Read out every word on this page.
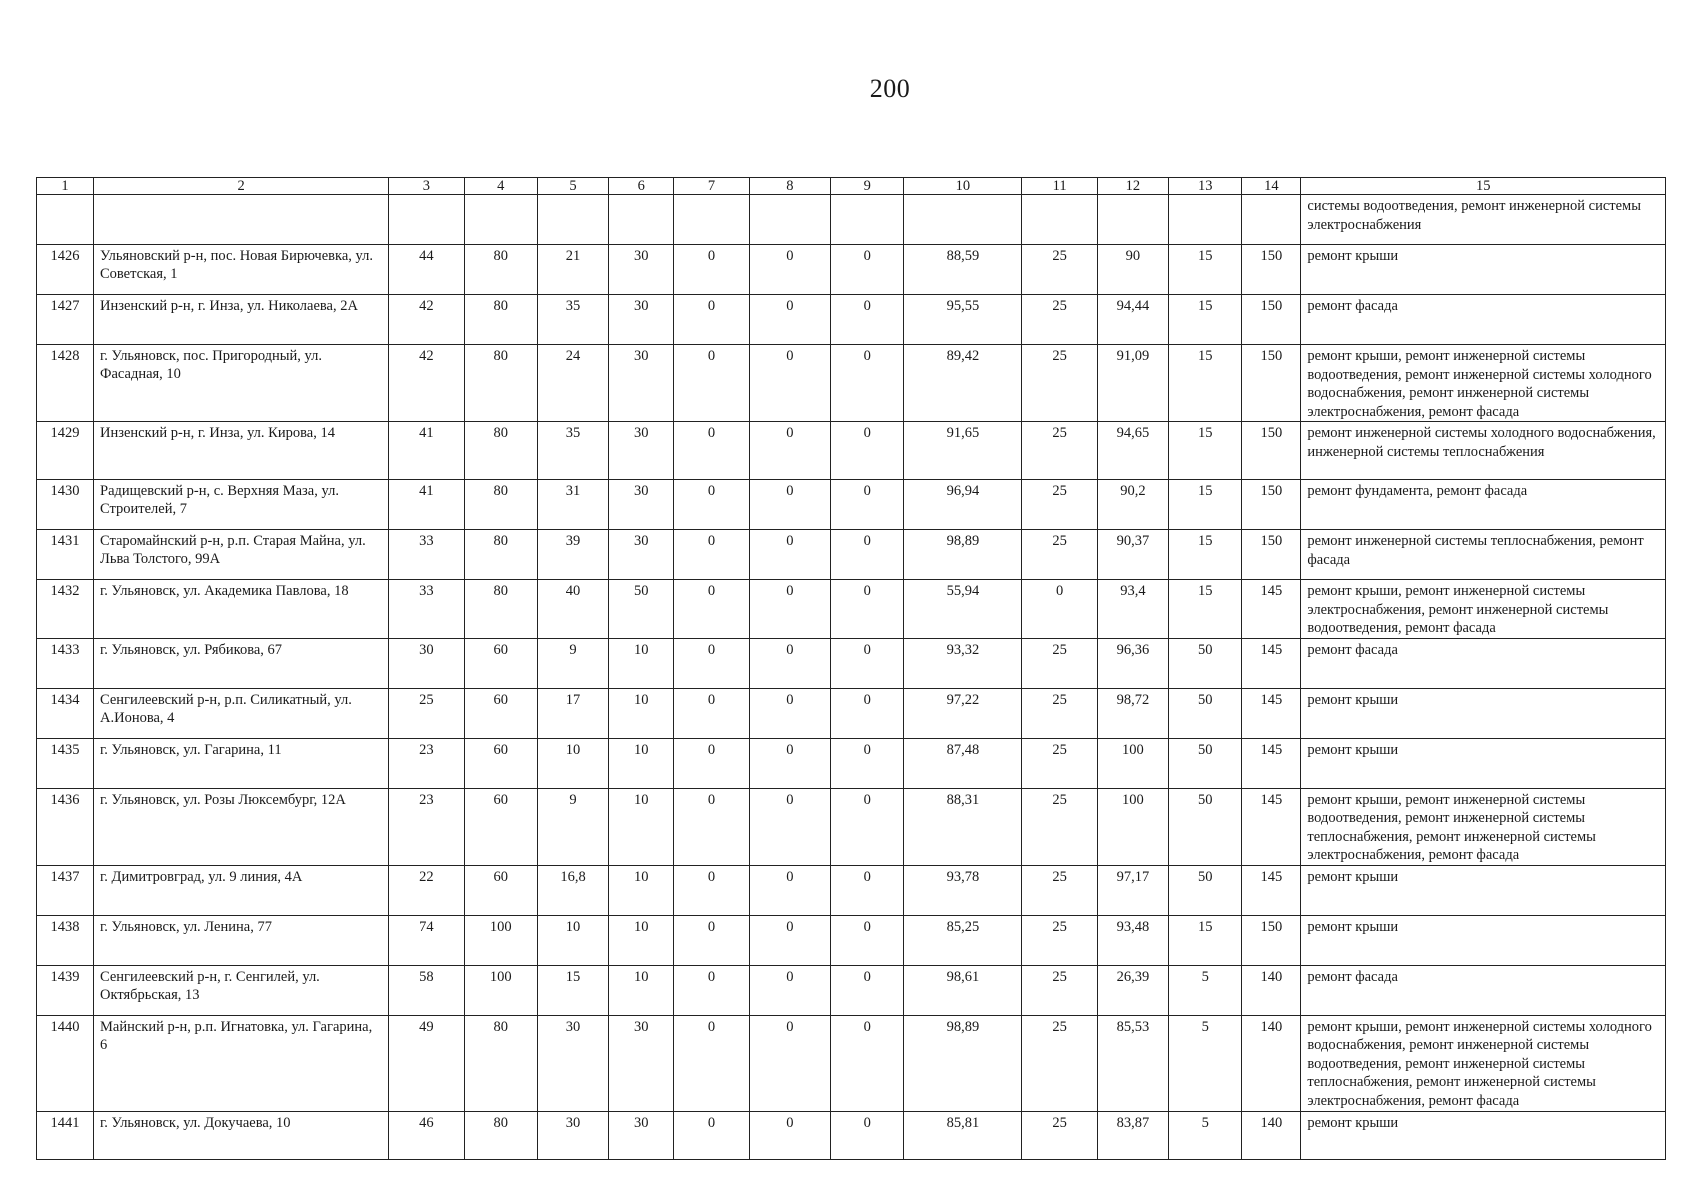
200
1	2	3	4	5	6	7	8	9	10	11	12	13	14	15
														системы водоотведения, ремонт инженерной системы электроснабжения
1426	Ульяновский р-н, пос. Новая Бирючевка, ул. Советская, 1	44	80	21	30	0	0	0	88,59	25	90	15	150	ремонт крыши
1427	Инзенский р-н, г. Инза, ул. Николаева, 2А	42	80	35	30	0	0	0	95,55	25	94,44	15	150	ремонт фасада
1428	г. Ульяновск, пос. Пригородный, ул. Фасадная, 10	42	80	24	30	0	0	0	89,42	25	91,09	15	150	ремонт крыши, ремонт инженерной системы водоотведения, ремонт инженерной системы холодного водоснабжения, ремонт инженерной системы электроснабжения, ремонт фасада
1429	Инзенский р-н, г. Инза, ул. Кирова, 14	41	80	35	30	0	0	0	91,65	25	94,65	15	150	ремонт инженерной системы холодного водоснабжения, инженерной системы теплоснабжения
1430	Радищевский р-н, с. Верхняя Маза, ул. Строителей, 7	41	80	31	30	0	0	0	96,94	25	90,2	15	150	ремонт фундамента, ремонт фасада
1431	Старомайнский р-н, р.п. Старая Майна, ул. Льва Толстого, 99А	33	80	39	30	0	0	0	98,89	25	90,37	15	150	ремонт инженерной системы теплоснабжения, ремонт фасада
1432	г. Ульяновск, ул. Академика Павлова, 18	33	80	40	50	0	0	0	55,94	0	93,4	15	145	ремонт крыши, ремонт инженерной системы электроснабжения, ремонт инженерной системы водоотведения, ремонт фасада
1433	г. Ульяновск, ул. Рябикова, 67	30	60	9	10	0	0	0	93,32	25	96,36	50	145	ремонт фасада
1434	Сенгилеевский р-н, р.п. Силикатный, ул. А.Ионова, 4	25	60	17	10	0	0	0	97,22	25	98,72	50	145	ремонт крыши
1435	г. Ульяновск, ул. Гагарина, 11	23	60	10	10	0	0	0	87,48	25	100	50	145	ремонт крыши
1436	г. Ульяновск, ул. Розы Люксембург, 12А	23	60	9	10	0	0	0	88,31	25	100	50	145	ремонт крыши, ремонт инженерной системы водоотведения, ремонт инженерной системы теплоснабжения, ремонт инженерной системы электроснабжения, ремонт фасада
1437	г. Димитровград, ул. 9 линия, 4А	22	60	16,8	10	0	0	0	93,78	25	97,17	50	145	ремонт крыши
1438	г. Ульяновск, ул. Ленина, 77	74	100	10	10	0	0	0	85,25	25	93,48	15	150	ремонт крыши
1439	Сенгилеевский р-н, г. Сенгилей, ул. Октябрьская, 13	58	100	15	10	0	0	0	98,61	25	26,39	5	140	ремонт фасада
1440	Майнский р-н, р.п. Игнатовка, ул. Гагарина, 6	49	80	30	30	0	0	0	98,89	25	85,53	5	140	ремонт крыши, ремонт инженерной системы холодного водоснабжения, ремонт инженерной системы водоотведения, ремонт инженерной системы теплоснабжения, ремонт инженерной системы электроснабжения, ремонт фасада
1441	г. Ульяновск, ул. Докучаева, 10	46	80	30	30	0	0	0	85,81	25	83,87	5	140	ремонт крыши
